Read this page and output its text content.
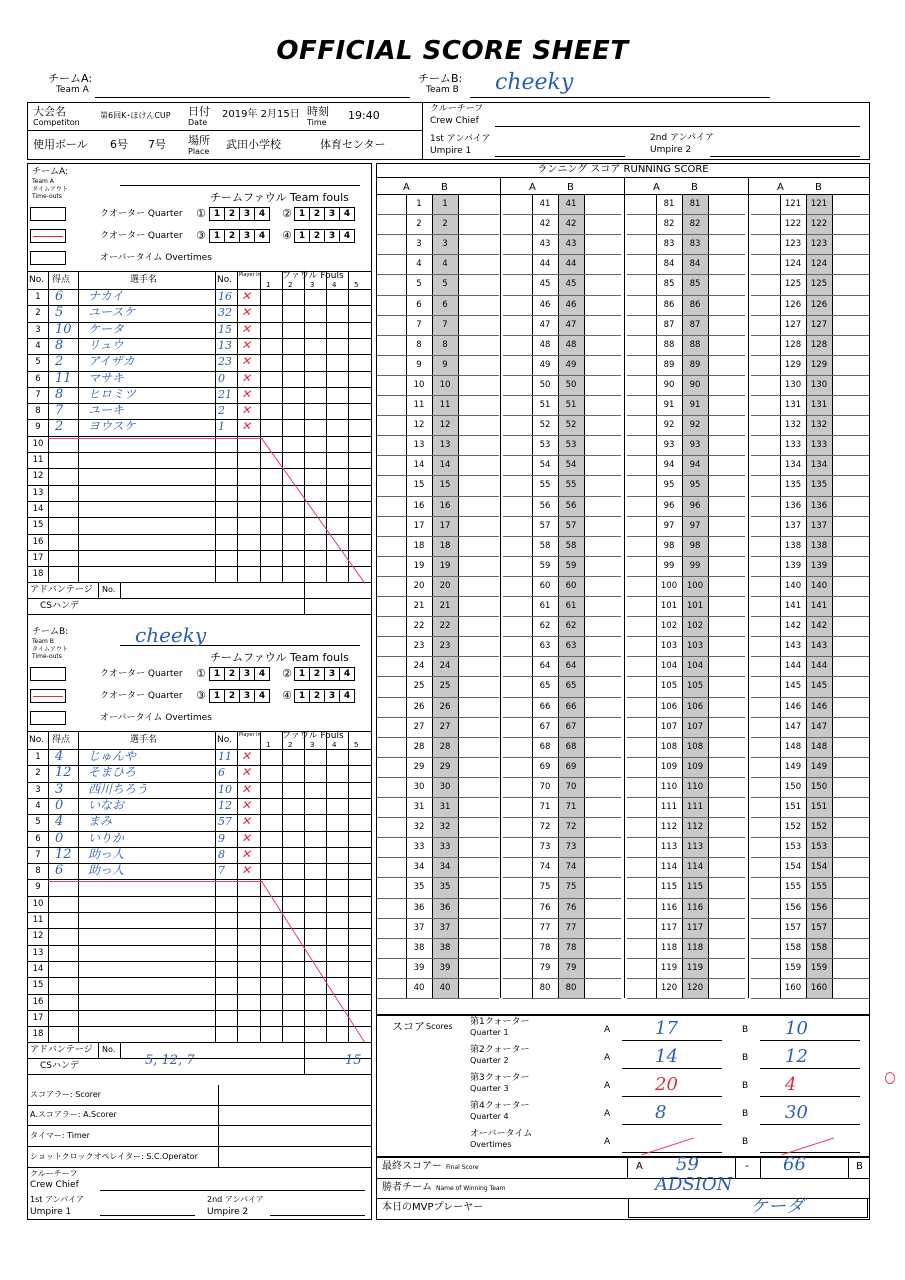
OFFICIAL SCORE SHEET
チームA:
Team A
チームB:
Team B cheeky
大会名
Competiton
第6回K･ほけんCUP 日付
Date
2019年 2月15日 時刻
Time
19:40
使用ボール 6号 7号 場所
Place
武田小学校	体育センター
クルーチーフ
Crew Chief
1st アンパイア
Umpire 1
2nd アンパイア
Umpire 2
チームA:
Team A
タイムアウト
Time-outs	チームファウル Team fouls
クオーター Quarter ① 1 2 3 4	② 1 2 3 4
クオーター Quarter ③ 1 2 3 4	④ 1 2 3 4
オーバータイム Overtimes
No. 得点	選手名	No. Player in ファウル Fouls
1	2	3	4	5
1	6 ナカイ	16 ✕
2	5 ユースケ	32 ✕
3	10 ケータ	15 ✕
4	8 リュウ	13 ✕
5	2 アイザカ	23 ✕
6	11 マサキ	0 ✕
7	8 ヒロミツ	21 ✕
8	7 ユーキ	2 ✕
9	2 ヨウスケ	1 ✕
10
11
12
13
14
15
16
17
18
アドバンテージ No.
CSハンデ
チームB:
Team B	cheeky
タイムアウト
Time-outs	チームファウル Team fouls
クオーター Quarter ① 1 2 3 4	② 1 2 3 4
クオーター Quarter ③ 1 2 3 4	④ 1 2 3 4
オーバータイム Overtimes
No. 得点	選手名	No. Player in ファウル Fouls
1	2	3	4	5
1	4 じゅんや	11 ✕
2	12 そまひろ	6 ✕
3	3 西川ちろう	10 ✕
4	0 いなお	12 ✕
5	4 まみ	57 ✕
6	0 いりか	9 ✕
7	12 助っ人	8 ✕
8	6 助っ人	7 ✕
9
10
11
12
13
14
15
16
17
18
アドバンテージ No.
CSハンデ	5, 12, 7	15
スコアラー: Scorer
A.スコアラー: A.Scorer
タイマー: Timer
ショットクロックオペレイター: S.C.Operator
クルーチーフ
Crew Chief
1st アンパイア
Umpire 1
2nd アンパイア
Umpire 2
ランニング スコア RUNNING SCORE
A	B
1	1
2	2
3	3
4	4
5	5
6	6
7	7
8	8
9	9
10	10
11	11
12	12
13	13
14	14
15	15
16	16
17	17
18	18
19	19
20	20
21	21
22	22
23	23
24	24
25	25
26	26
27	27
28	28
29	29
30	30
31	31
32	32
33	33
34	34
35	35
36	36
37	37
38	38
39	39
40	40
A	B
41	41
42	42
43	43
44	44
45	45
46	46
47	47
48	48
49	49
50	50
51	51
52	52
53	53
54	54
55	55
56	56
57	57
58	58
59	59
60	60
61	61
62	62
63	63
64	64
65	65
66	66
67	67
68	68
69	69
70	70
71	71
72	72
73	73
74	74
75	75
76	76
77	77
78	78
79	79
80	80
A	B
81	81
82	82
83	83
84	84
85	85
86	86
87	87
88	88
89	89
90	90
91	91
92	92
93	93
94	94
95	95
96	96
97	97
98	98
99	99
100	100
101	101
102	102
103	103
104	104
105	105
106	106
107	107
108	108
109	109
110	110
111	111
112	112
113	113
114	114
115	115
116	116
117	117
118	118
119	119
120	120
A	B
121	121
122	122
123	123
124	124
125	125
126	126
127	127
128	128
129	129
130	130
131	131
132	132
133	133
134	134
135	135
136	136
137	137
138	138
139	139
140	140
141	141
142	142
143	143
144	144
145	145
146	146
147	147
148	148
149	149
150	150
151	151
152	152
153	153
154	154
155	155
156	156
157	157
158	158
159	159
160	160
スコア Scores 第1クォーター
Quarter 1	A 17	B 10
第2クォーター
Quarter 2	A 14	B 12
第3クォーター
Quarter 3	A 20	B 4
第4クォーター
Quarter 4	A 8	B 30
オーバータイム
Overtimes	A	B
最終スコアー Final Score	A 59	- 66	B
勝者チーム Name of Winning Team	ADSION
本日のMVPプレーヤー	ケーダ
